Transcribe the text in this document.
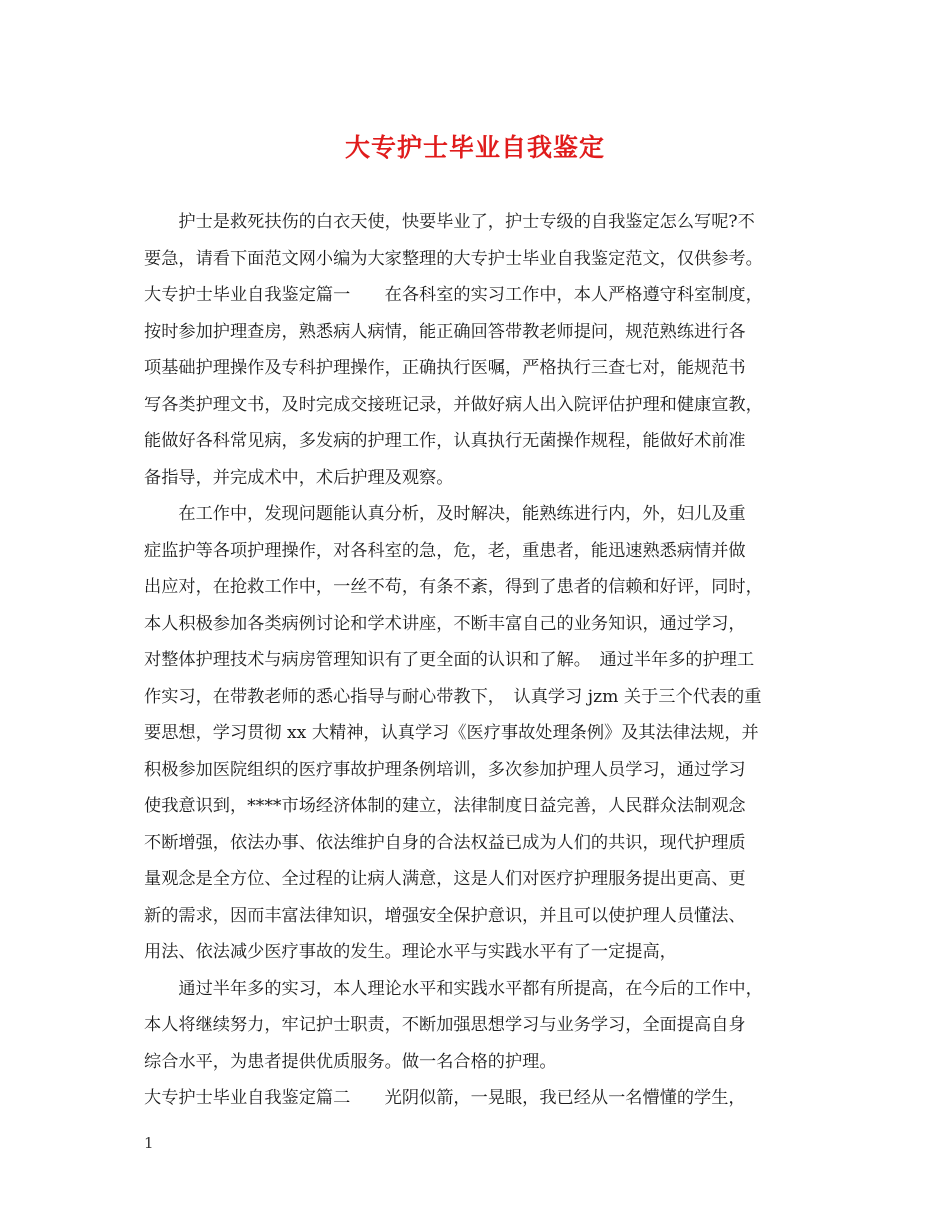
大专护士毕业自我鉴定
　　护士是救死扶伤的白衣天使，快要毕业了，护士专级的自我鉴定怎么写呢?不
要急，请看下面范文网小编为大家整理的大专护士毕业自我鉴定范文，仅供参考。
大专护士毕业自我鉴定篇一　　在各科室的实习工作中，本人严格遵守科室制度，
按时参加护理查房，熟悉病人病情，能正确回答带教老师提问，规范熟练进行各
项基础护理操作及专科护理操作，正确执行医嘱，严格执行三查七对，能规范书
写各类护理文书，及时完成交接班记录，并做好病人出入院评估护理和健康宣教，
能做好各科常见病，多发病的护理工作，认真执行无菌操作规程，能做好术前准
备指导，并完成术中，术后护理及观察。
　　在工作中，发现问题能认真分析，及时解决，能熟练进行内，外，妇儿及重
症监护等各项护理操作，对各科室的急，危，老，重患者，能迅速熟悉病情并做
出应对，在抢救工作中，一丝不苟，有条不紊，得到了患者的信赖和好评，同时，
本人积极参加各类病例讨论和学术讲座，不断丰富自己的业务知识，通过学习，
对整体护理技术与病房管理知识有了更全面的认识和了解。　通过半年多的护理工
作实习，在带教老师的悉心指导与耐心带教下，　认真学习 jzm 关于三个代表的重
要思想，学习贯彻 xx 大精神，认真学习《医疗事故处理条例》及其法律法规，并
积极参加医院组织的医疗事故护理条例培训，多次参加护理人员学习，通过学习
使我意识到，****市场经济体制的建立，法律制度日益完善，人民群众法制观念
不断增强，依法办事、依法维护自身的合法权益已成为人们的共识，现代护理质
量观念是全方位、全过程的让病人满意，这是人们对医疗护理服务提出更高、更
新的需求，因而丰富法律知识，增强安全保护意识，并且可以使护理人员懂法、
用法、依法减少医疗事故的发生。理论水平与实践水平有了一定提高，
　　通过半年多的实习，本人理论水平和实践水平都有所提高，在今后的工作中，
本人将继续努力，牢记护士职责，不断加强思想学习与业务学习，全面提高自身
综合水平，为患者提供优质服务。做一名合格的护理。
大专护士毕业自我鉴定篇二　　光阴似箭，一晃眼，我已经从一名懵懂的学生，
1
